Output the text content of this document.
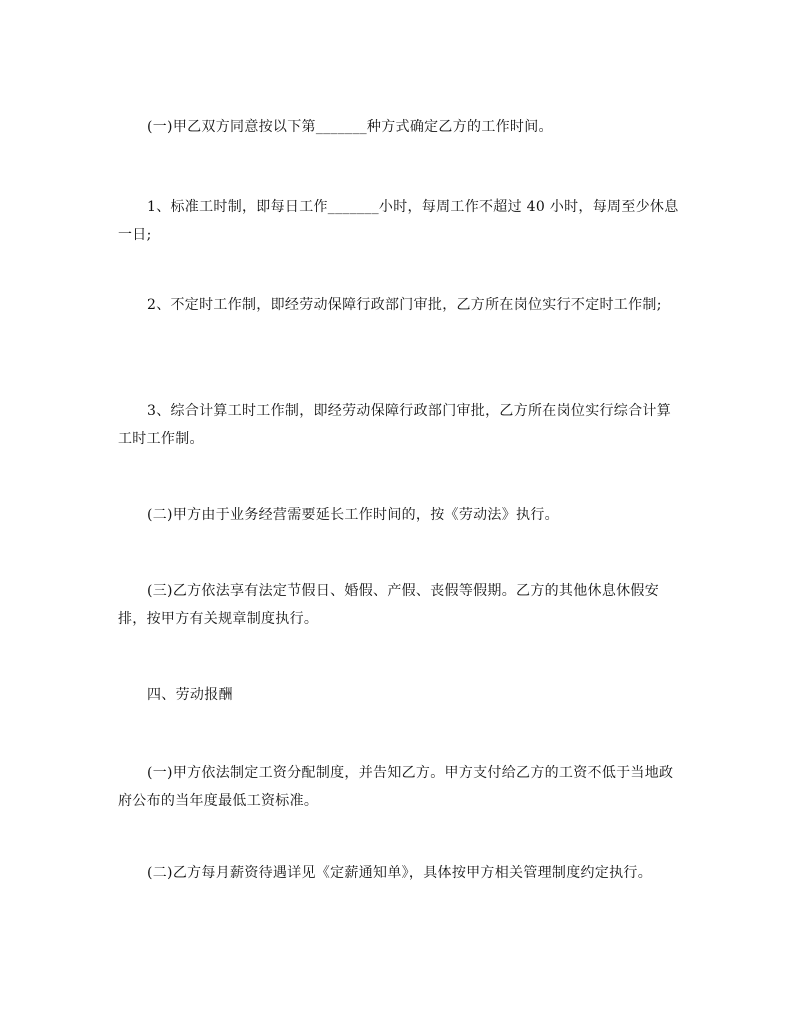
(一)甲乙双方同意按以下第_______种方式确定乙方的工作时间。

1、标准工时制，即每日工作_______小时，每周工作不超过 40 小时，每周至少休息一日;

2、不定时工作制，即经劳动保障行政部门审批，乙方所在岗位实行不定时工作制;

3、综合计算工时工作制，即经劳动保障行政部门审批，乙方所在岗位实行综合计算工时工作制。

(二)甲方由于业务经营需要延长工作时间的，按《劳动法》执行。

(三)乙方依法享有法定节假日、婚假、产假、丧假等假期。乙方的其他休息休假安排，按甲方有关规章制度执行。

四、劳动报酬

(一)甲方依法制定工资分配制度，并告知乙方。甲方支付给乙方的工资不低于当地政府公布的当年度最低工资标准。

(二)乙方每月薪资待遇详见《定薪通知单》，具体按甲方相关管理制度约定执行。
